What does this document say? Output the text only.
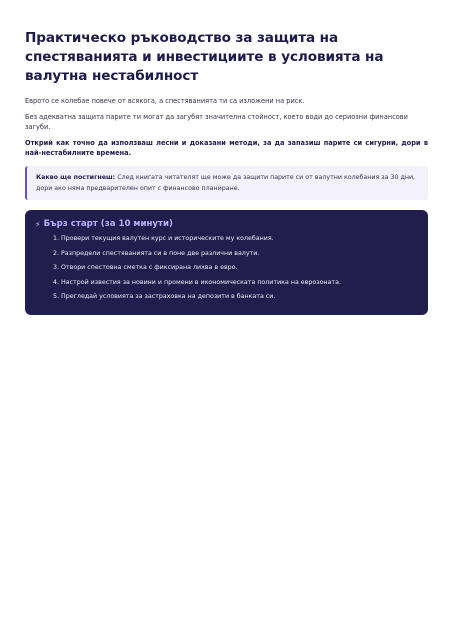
Практическо ръководство за защита на спестяванията и инвестициите в условията на валутна нестабилност

Еврото се колебае повече от всякога, а спестяванията ти са изложени на риск.

Без адекватна защита парите ти могат да загубят значителна стойност, което води до сериозни финансови загуби.

Открий как точно да използваш лесни и доказани методи, за да запазиш парите си сигурни, дори в най-нестабилните времена.

Какво ще постигнеш: След книгата читателят ще може да защити парите си от валутни колебания за 30 дни, дори ако няма предварителен опит с финансово планиране.
⚡ Бърз старт (за 10 минути)
1. Провери текущия валутен курс и историческите му колебания.
2. Разпредели спестяванията си в поне две различни валути.
3. Отвори спестовна сметка с фиксирана лихва в евро.
4. Настрой известия за новини и промени в икономическата политика на еврозоната.
5. Прегледай условията за застраховка на депозити в банката си.
